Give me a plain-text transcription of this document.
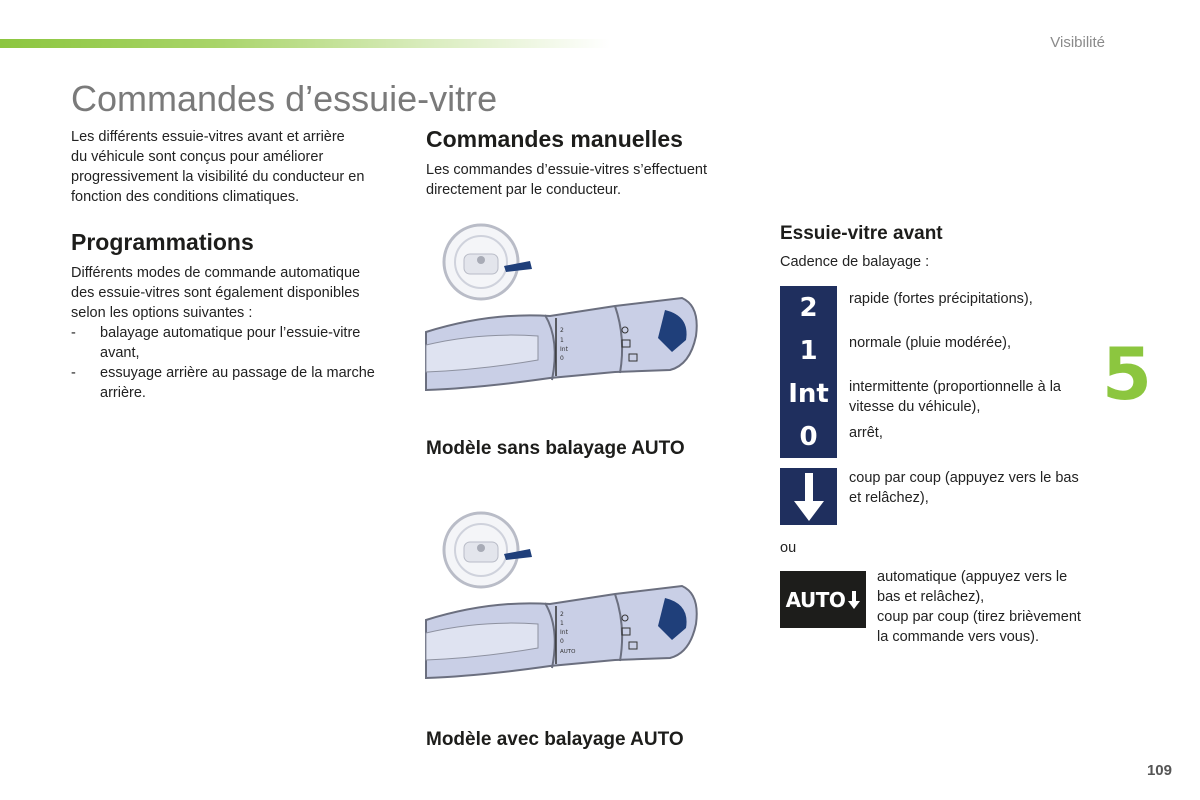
Visibilité
Commandes d’essuie-vitre
Les différents essuie-vitres avant et arrière
du véhicule sont conçus pour améliorer
progressivement la visibilité du conducteur en
fonction des conditions climatiques.
Programmations
Différents modes de commande automatique
des essuie-vitres sont également disponibles
selon les options suivantes :
- balayage automatique pour l’essuie-vitre
avant,
- essuyage arrière au passage de la marche
arrière.
Commandes manuelles
Les commandes d’essuie-vitres s’effectuent
directement par le conducteur.
2
1
Int
0
Modèle sans balayage AUTO
2
1
Int
0
AUTO
Modèle avec balayage AUTO
Essuie-vitre avant
Cadence de balayage :
2
1
Int
0
rapide (fortes précipitations),
normale (pluie modérée),
intermittente (proportionnelle à la
vitesse du véhicule),
arrêt,
coup par coup (appuyez vers le bas
et relâchez),
ou
AUTO
automatique (appuyez vers le
bas et relâchez),
coup par coup (tirez brièvement
la commande vers vous).
5
109
